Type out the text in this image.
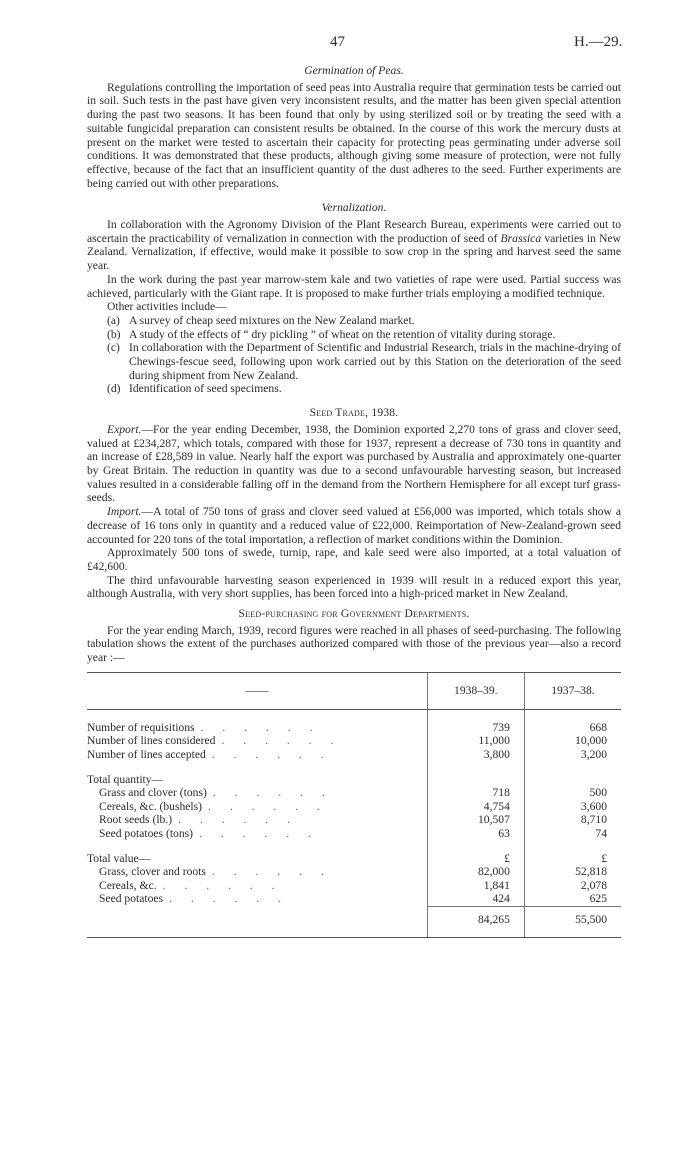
47	H.—29.
Germination of Peas.

Regulations controlling the importation of seed peas into Australia require that germination tests be carried out in soil. Such tests in the past have given very inconsistent results, and the matter has been given special attention during the past two seasons. It has been found that only by using sterilized soil or by treating the seed with a suitable fungicidal preparation can consistent results be obtained. In the course of this work the mercury dusts at present on the market were tested to ascertain their capacity for protecting peas germinating under adverse soil conditions. It was demonstrated that these products, although giving some measure of protection, were not fully effective, because of the fact that an insufficient quantity of the dust adheres to the seed. Further experiments are being carried out with other preparations.

Vernalization.

In collaboration with the Agronomy Division of the Plant Research Bureau, experiments were carried out to ascertain the practicability of vernalization in connection with the production of seed of Brassica varieties in New Zealand. Vernalization, if effective, would make it possible to sow crop in the spring and harvest seed the same year.

In the work during the past year marrow-stem kale and two vatieties of rape were used. Partial success was achieved, particularly with the Giant rape. It is proposed to make further trials employing a modified technique.

Other activities include—

(a) A survey of cheap seed mixtures on the New Zealand market.
(b) A study of the effects of “ dry pickling ” of wheat on the retention of vitality during storage.
(c) In collaboration with the Department of Scientific and Industrial Research, trials in the machine-drying of Chewings-fescue seed, following upon work carried out by this Station on the deterioration of the seed during shipment from New Zealand.
(d) Identification of seed specimens.
Seed Trade, 1938.

Export.—For the year ending December, 1938, the Dominion exported 2,270 tons of grass and clover seed, valued at £234,287, which totals, compared with those for 1937, represent a decrease of 730 tons in quantity and an increase of £28,589 in value. Nearly half the export was purchased by Australia and approximately one-quarter by Great Britain. The reduction in quantity was due to a second unfavourable harvesting season, but increased values resulted in a considerable falling off in the demand from the Northern Hemisphere for all except turf grass-seeds.

Import.—A total of 750 tons of grass and clover seed valued at £56,000 was imported, which totals show a decrease of 16 tons only in quantity and a reduced value of £22,000. Reimportation of New-Zealand-grown seed accounted for 220 tons of the total importation, a reflection of market conditions within the Dominion.

Approximately 500 tons of swede, turnip, rape, and kale seed were also imported, at a total valuation of £42,600.

The third unfavourable harvesting season experienced in 1939 will result in a reduced export this year, although Australia, with very short supplies, has been forced into a high-priced market in New Zealand.

Seed-purchasing for Government Departments.

For the year ending March, 1939, record figures were reached in all phases of seed-purchasing. The following tabulation shows the extent of the purchases authorized compared with those of the previous year—also a record year :—

——	1938–39.	1937–38.

Number of requisitions . . . . . .	739	668

Number of lines considered . . . . . .	11,000	10,000

Number of lines accepted . . . . . .	3,800	3,200

Total quantity—		

Grass and clover (tons) . . . . . .	718	500

Cereals, &c. (bushels) . . . . . .	4,754	3,600

Root seeds (lb.) . . . . . .	10,507	8,710

Seed potatoes (tons) . . . . . .	63	74

Total value—	£	£

Grass, clover and roots . . . . . .	82,000	52,818

Cereals, &c. . . . . . .	1,841	2,078

Seed potatoes . . . . . .	424	625
	84,265	55,500
